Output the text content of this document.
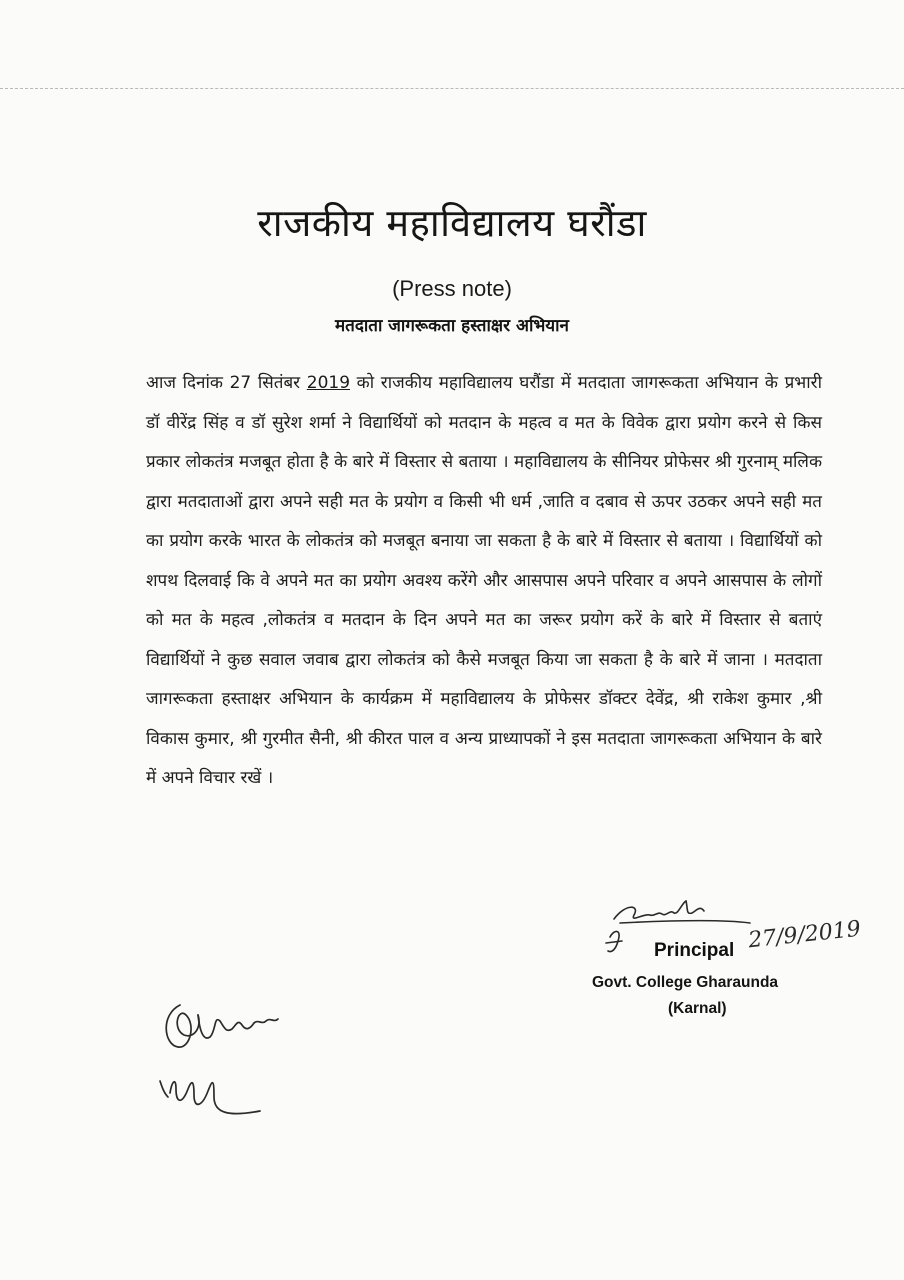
राजकीय महाविद्यालय घरौंडा
(Press note)
मतदाता जागरूकता हस्ताक्षर अभियान
आज दिनांक 27 सितंबर 2019 को राजकीय महाविद्यालय घरौंडा में मतदाता जागरूकता अभियान के प्रभारी डॉ वीरेंद्र सिंह व डॉ सुरेश शर्मा ने विद्यार्थियों को मतदान के महत्व व मत के विवेक द्वारा प्रयोग करने से किस प्रकार लोकतंत्र मजबूत होता है के बारे में विस्तार से बताया । महाविद्यालय के सीनियर प्रोफेसर श्री गुरनाम् मलिक द्वारा मतदाताओं द्वारा अपने सही मत के प्रयोग व किसी भी धर्म ,जाति व दबाव से ऊपर उठकर अपने सही मत का प्रयोग करके भारत के लोकतंत्र को मजबूत बनाया जा सकता है के बारे में विस्तार से बताया । विद्यार्थियों को शपथ दिलवाई कि वे अपने मत का प्रयोग अवश्य करेंगे और आसपास अपने परिवार व अपने आसपास के लोगों को मत के महत्व ,लोकतंत्र व मतदान के दिन अपने मत का जरूर प्रयोग करें के बारे में विस्तार से बताएं विद्यार्थियों ने कुछ सवाल जवाब द्वारा लोकतंत्र को कैसे मजबूत किया जा सकता है के बारे में जाना । मतदाता जागरूकता हस्ताक्षर अभियान के कार्यक्रम में महाविद्यालय के प्रोफेसर डॉक्टर देवेंद्र, श्री राकेश कुमार ,श्री विकास कुमार, श्री गुरमीत सैनी, श्री कीरत पाल व अन्य प्राध्यापकों ने इस मतदाता जागरूकता अभियान के बारे में अपने विचार रखें ।
27/9/2019
Principal
Govt. College Gharaunda
(Karnal)
